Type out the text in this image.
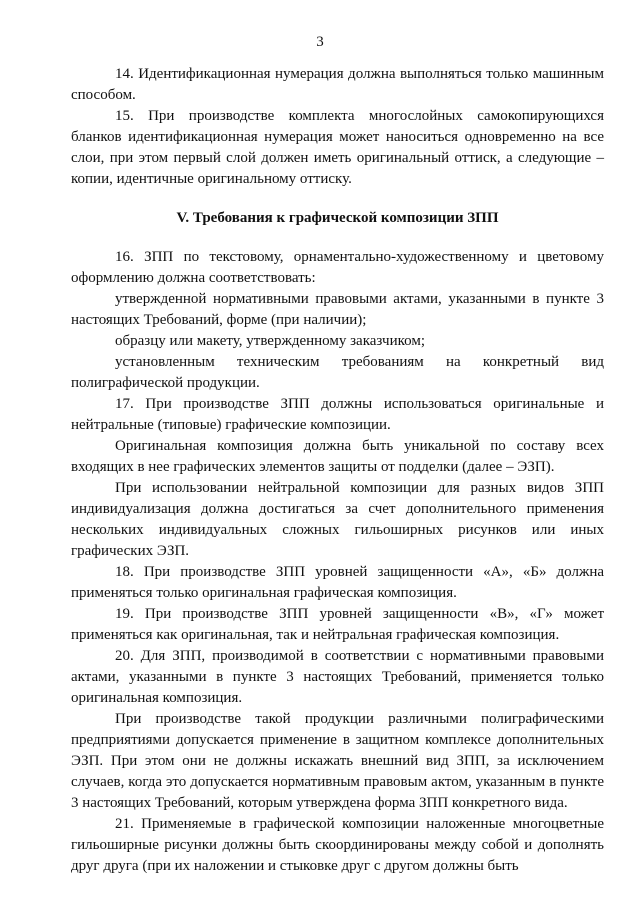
3

14. Идентификационная нумерация должна выполняться только машинным способом.

15. При производстве комплекта многослойных самокопирующихся бланков идентификационная нумерация может наноситься одновременно на все слои, при этом первый слой должен иметь оригинальный оттиск, а следующие – копии, идентичные оригинальному оттиску.

V. Требования к графической композиции ЗПП

16. ЗПП по текстовому, орнаментально-художественному и цветовому оформлению должна соответствовать:

утвержденной нормативными правовыми актами, указанными в пункте 3 настоящих Требований, форме (при наличии);

образцу или макету, утвержденному заказчиком;

установленным техническим требованиям на конкретный вид полиграфической продукции.

17. При производстве ЗПП должны использоваться оригинальные и нейтральные (типовые) графические композиции.

Оригинальная композиция должна быть уникальной по составу всех входящих в нее графических элементов защиты от подделки (далее – ЭЗП).

При использовании нейтральной композиции для разных видов ЗПП индивидуализация должна достигаться за счет дополнительного применения нескольких индивидуальных сложных гильоширных рисунков или иных графических ЭЗП.

18. При производстве ЗПП уровней защищенности «А», «Б» должна применяться только оригинальная графическая композиция.

19. При производстве ЗПП уровней защищенности «В», «Г» может применяться как оригинальная, так и нейтральная графическая композиция.

20. Для ЗПП, производимой в соответствии с нормативными правовыми актами, указанными в пункте 3 настоящих Требований, применяется только оригинальная композиция.

При производстве такой продукции различными полиграфическими предприятиями допускается применение в защитном комплексе дополнительных ЭЗП. При этом они не должны искажать внешний вид ЗПП, за исключением случаев, когда это допускается нормативным правовым актом, указанным в пункте 3 настоящих Требований, которым утверждена форма ЗПП конкретного вида.

21. Применяемые в графической композиции наложенные многоцветные гильоширные рисунки должны быть скоординированы между собой и дополнять друг друга (при их наложении и стыковке друг с другом должны быть
